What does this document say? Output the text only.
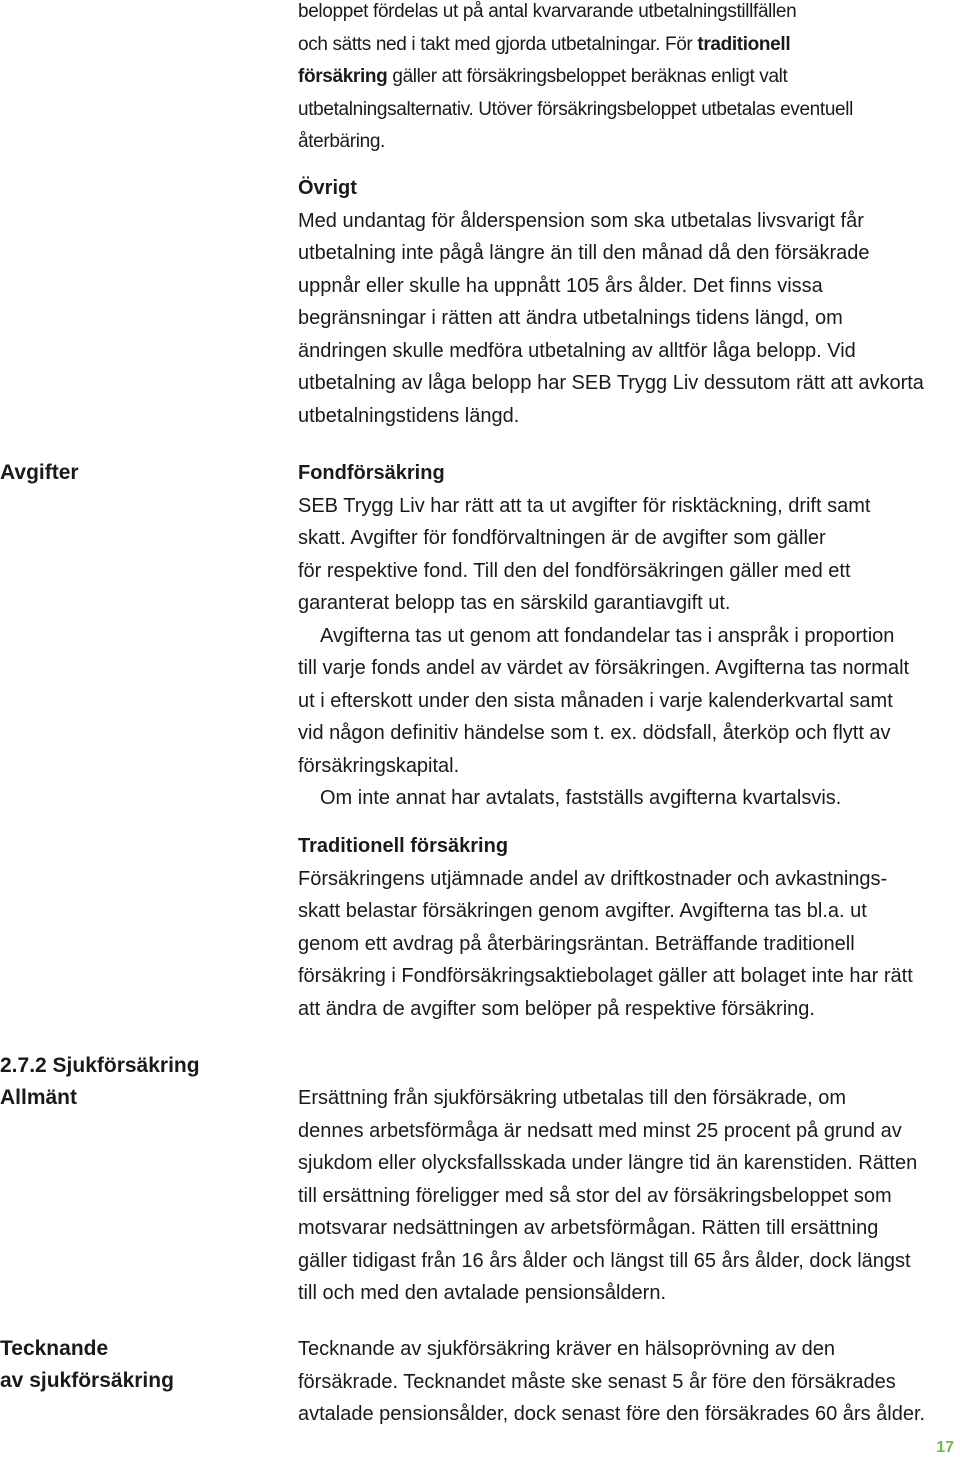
beloppet fördelas ut på antal kvarvarande utbetalningstillfällen
och sätts ned i takt med gjorda utbetalningar. För traditionell
försäkring gäller att försäkringsbeloppet beräknas enligt valt
utbetalningsalternativ. Utöver försäkringsbeloppet utbetalas eventuell
återbäring.
Övrigt
Med undantag för ålderspension som ska utbetalas livsvarigt får
utbetalning inte pågå längre än till den månad då den försäkrade
uppnår eller skulle ha uppnått 105 års ålder. Det finns vissa
begränsningar i rätten att ändra utbetalnings tidens längd, om
ändringen skulle medföra utbetalning av alltför låga belopp. Vid
utbetalning av låga belopp har SEB Trygg Liv dessutom rätt att avkorta
utbetalningstidens längd.
Avgifter
2.7.2 Sjukförsäkring
Allmänt
Tecknande
av sjukförsäkring
Fondförsäkring
SEB Trygg Liv har rätt att ta ut avgifter för risktäckning, drift samt
skatt. Avgifter för fondförvaltningen är de avgifter som gäller
för respektive fond. Till den del fondförsäkringen gäller med ett
garanterat belopp tas en särskild garantiavgift ut.
Avgifterna tas ut genom att fondandelar tas i anspråk i proportion
till varje fonds andel av värdet av försäkringen. Avgifterna tas normalt
ut i efterskott under den sista månaden i varje kalenderkvartal samt
vid någon definitiv händelse som t. ex. dödsfall, återköp och flytt av
försäkringskapital.
Om inte annat har avtalats, fastställs avgifterna kvartalsvis.
Traditionell försäkring
Försäkringens utjämnade andel av driftkostnader och avkastnings-
skatt belastar försäkringen genom avgifter. Avgifterna tas bl.a. ut
genom ett avdrag på återbäringsräntan. Beträffande traditionell
försäkring i Fondförsäkringsaktiebolaget gäller att bolaget inte har rätt
att ändra de avgifter som belöper på respektive försäkring.
Ersättning från sjukförsäkring utbetalas till den försäkrade, om
dennes arbetsförmåga är nedsatt med minst 25 procent på grund av
sjukdom eller olycksfallsskada under längre tid än karenstiden. Rätten
till ersättning föreligger med så stor del av försäkringsbeloppet som
motsvarar nedsättningen av arbetsförmågan. Rätten till ersättning
gäller tidigast från 16 års ålder och längst till 65 års ålder, dock längst
till och med den avtalade pensionsåldern.
Tecknande av sjukförsäkring kräver en hälsoprövning av den
försäkrade. Tecknandet måste ske senast 5 år före den försäkrades
avtalade pensionsålder, dock senast före den försäkrades 60 års ålder.
17
